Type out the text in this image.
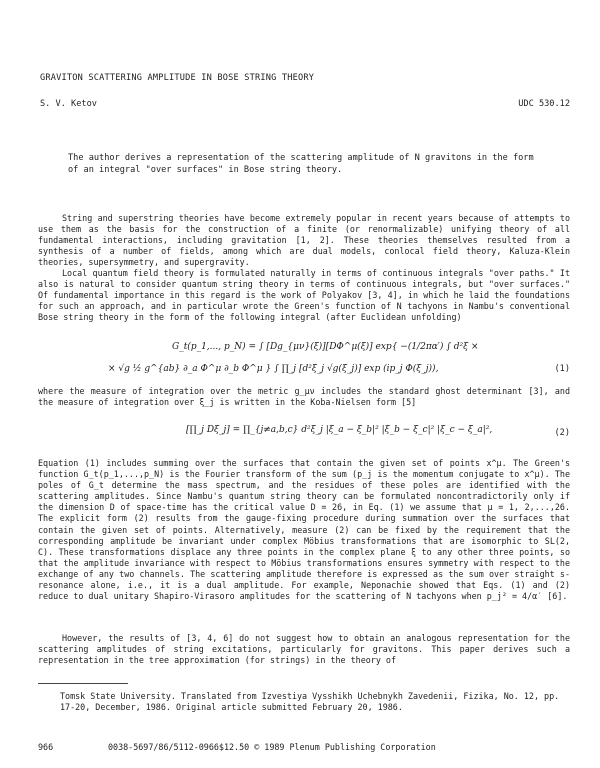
GRAVITON SCATTERING AMPLITUDE IN BOSE STRING THEORY
S. V. Ketov	UDC 530.12
The author derives a representation of the scattering amplitude of N gravitons in the form of an integral "over surfaces" in Bose string theory.
String and superstring theories have become extremely popular in recent years because of attempts to use them as the basis for the construction of a finite (or renormalizable) unifying theory of all fundamental interactions, including gravitation [1, 2]. These theories themselves resulted from a synthesis of a number of fields, among which are dual models, conlocal field theory, Kaluza-Klein theories, supersymmetry, and supergravity.
Local quantum field theory is formulated naturally in terms of continuous integrals "over paths." It also is natural to consider quantum string theory in terms of continuous integrals, but "over surfaces." Of fundamental importance in this regard is the work of Polyakov [3, 4], in which he laid the foundations for such an approach, and in particular wrote the Green's function of N tachyons in Nambu's conventional Bose string theory in the form of the following integral (after Euclidean unfolding)
G_t(p_1,..., p_N) = ∫ [Dg_{μν}(ξ)][DΦ^μ(ξ)] exp{ −(1/2πα′) ∫ d²ξ ×
× √g ½ g^{ab} ∂_a Φ^μ ∂_b Φ^μ } ∫ ∏_j [d²ξ_j √g(ξ_j)] exp (ip_j Φ(ξ_j)),	(1)
where the measure of integration over the metric g_μν includes the standard ghost determinant [3], and the measure of integration over ξ_j is written in the Koba-Nielsen form [5]
[∏_j Dξ_j] = ∏_{j≠a,b,c} d²ξ_j |ξ_a − ξ_b|² |ξ_b − ξ_c|² |ξ_c − ξ_a|²,	(2)
Equation (1) includes summing over the surfaces that contain the given set of points x^μ. The Green's function G_t(p_1,...,p_N) is the Fourier transform of the sum (p_j is the momentum conjugate to x^μ). The poles of G_t determine the mass spectrum, and the residues of these poles are identified with the scattering amplitudes. Since Nambu's quantum string theory can be formulated noncontradictorily only if the dimension D of space-time has the critical value D = 26, in Eq. (1) we assume that μ = 1, 2,...,26. The explicit form (2) results from the gauge-fixing procedure during summation over the surfaces that contain the given set of points. Alternatively, measure (2) can be fixed by the requirement that the corresponding amplitude be invariant under complex Möbius transformations that are isomorphic to SL(2, C). These transformations displace any three points in the complex plane ξ to any other three points, so that the amplitude invariance with respect to Möbius transformations ensures symmetry with respect to the exchange of any two channels. The scattering amplitude therefore is expressed as the sum over straight s-resonance alone, i.e., it is a dual amplitude. For example, Neponachie showed that Eqs. (1) and (2) reduce to dual unitary Shapiro-Virasoro amplitudes for the scattering of N tachyons when p_j² = 4/α′ [6].
However, the results of [3, 4, 6] do not suggest how to obtain an analogous representation for the scattering amplitudes of string excitations, particularly for gravitons. This paper derives such a representation in the tree approximation (for strings) in the theory of
Tomsk State University. Translated from Izvestiya Vysshikh Uchebnykh Zavedenii, Fizika, No. 12, pp. 17-20, December, 1986. Original article submitted February 20, 1986.
966	0038-5697/86/5112-0966$12.50 © 1989 Plenum Publishing Corporation
